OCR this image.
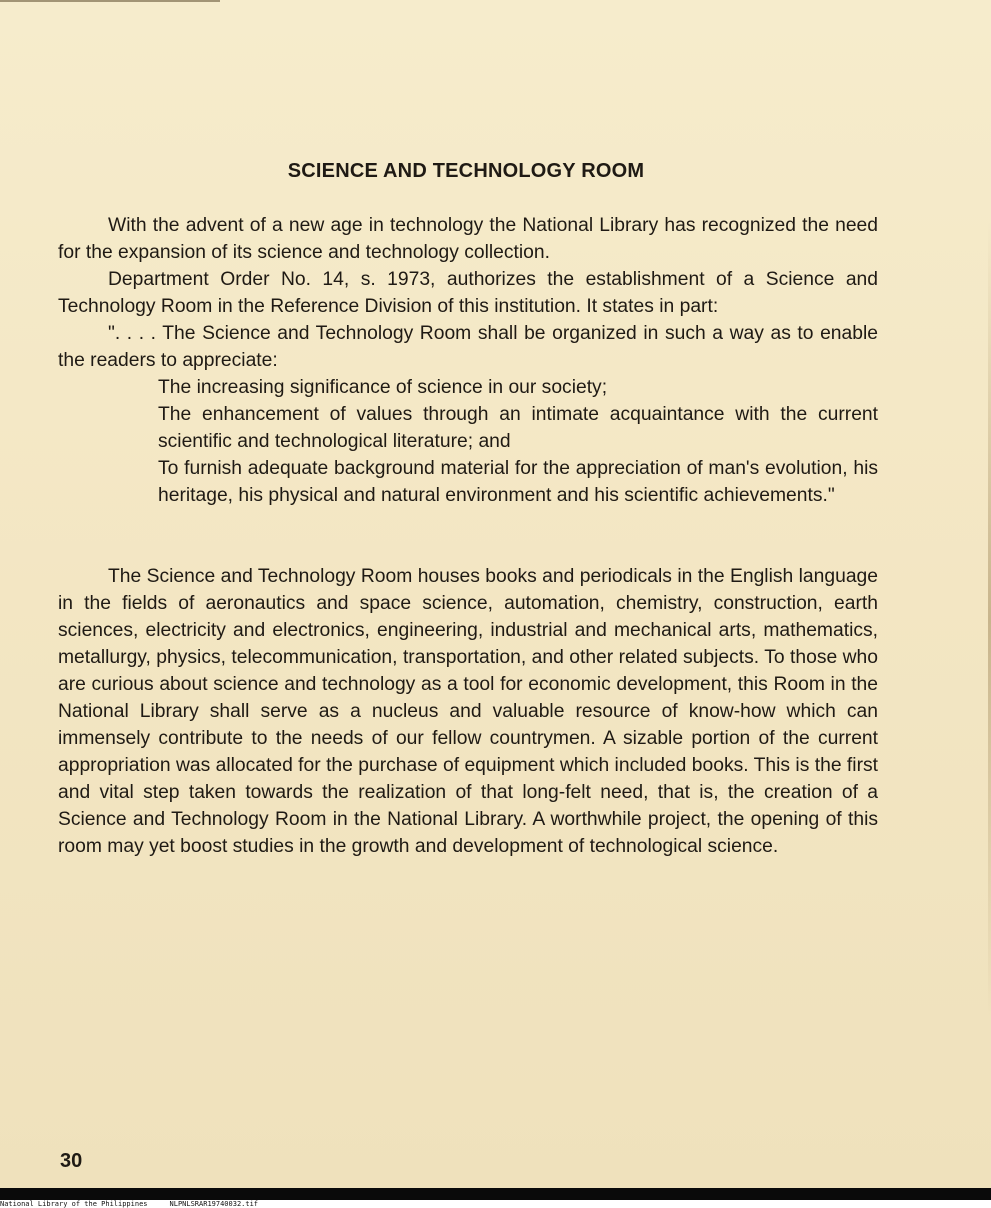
SCIENCE AND TECHNOLOGY ROOM

With the advent of a new age in technology the National Library has recognized the need for the expansion of its science and technology collection.

Department Order No. 14, s. 1973, authorizes the establishment of a Science and Technology Room in the Reference Division of this institution. It states in part:

". . . . The Science and Technology Room shall be organized in such a way as to enable the readers to appreciate:

The increasing significance of science in our society;

The enhancement of values through an intimate acquaintance with the current scientific and technological literature; and

To furnish adequate background material for the appreciation of man's evolution, his heritage, his physical and natural environment and his scientific achievements."

The Science and Technology Room houses books and periodicals in the English language in the fields of aeronautics and space science, automation, chemistry, construction, earth sciences, electricity and electronics, engineering, industrial and mechanical arts, mathematics, metallurgy, physics, telecommunication, transportation, and other related subjects. To those who are curious about science and technology as a tool for economic development, this Room in the National Library shall serve as a nucleus and valuable resource of know-how which can immensely contribute to the needs of our fellow countrymen. A sizable portion of the current appropriation was allocated for the purchase of equipment which included books. This is the first and vital step taken towards the realization of that long-felt need, that is, the creation of a Science and Technology Room in the National Library. A worthwhile project, the opening of this room may yet boost studies in the growth and development of technological science.

30

National Library of the Philippines	NLPNLSRAR19740032.tif
